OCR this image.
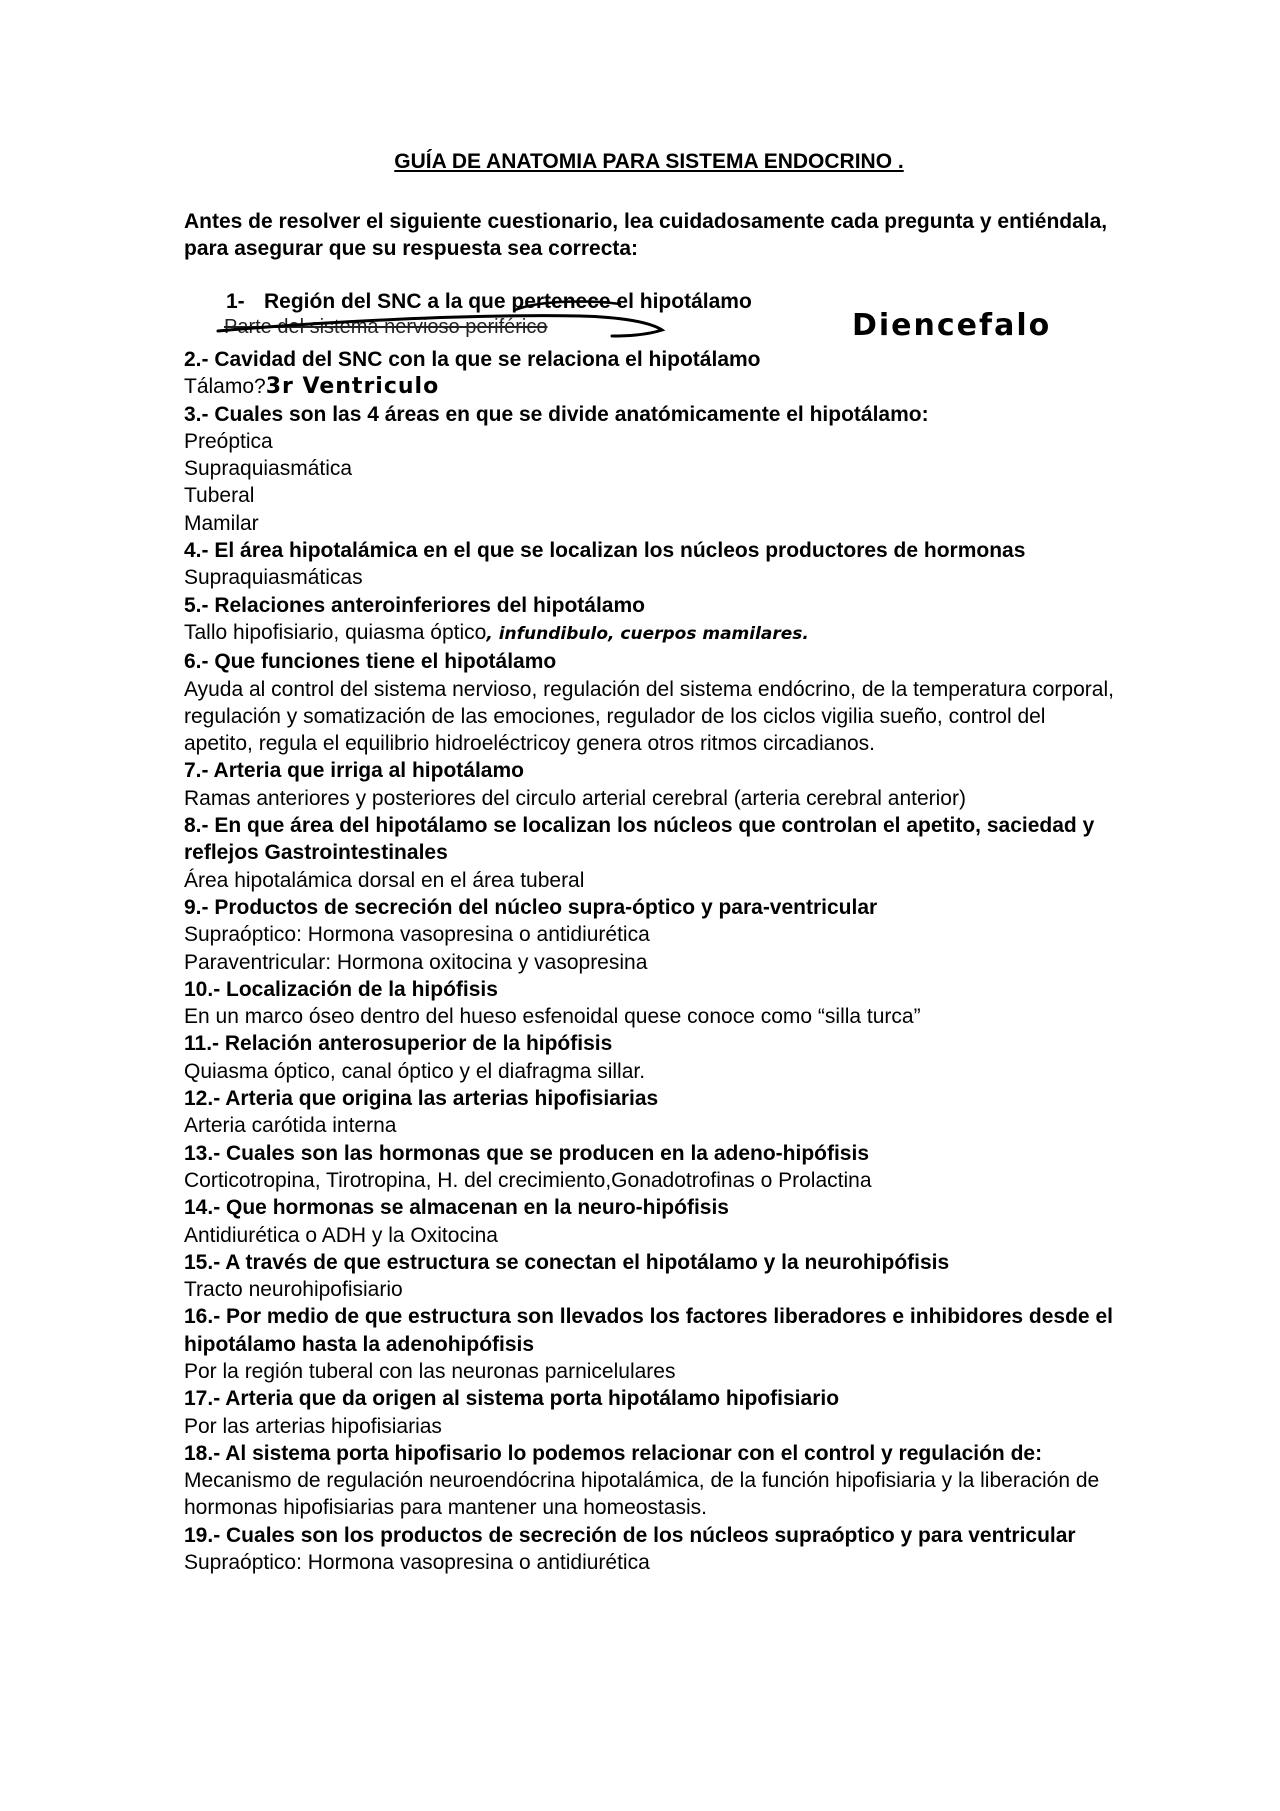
GUÍA DE ANATOMIA PARA SISTEMA ENDOCRINO .
Antes de resolver el siguiente cuestionario, lea cuidadosamente cada pregunta y entiéndala, para asegurar que su respuesta sea correcta:
1- Región del SNC a la que pertenece el hipotálamo
Parte del sistema nervioso periférico	Diencefalo
2.- Cavidad del SNC con la que se relaciona el hipotálamo
Tálamo?3r Ventriculo
3.- Cuales son las 4 áreas en que se divide anatómicamente el hipotálamo:
Preóptica
Supraquiasmática
Tuberal
Mamilar
4.- El área hipotalámica en el que se localizan los núcleos productores de hormonas
Supraquiasmáticas
5.- Relaciones anteroinferiores del hipotálamo
Tallo hipofisiario, quiasma óptico, infundibulo, cuerpos mamilares.
6.- Que funciones tiene el hipotálamo
Ayuda al control del sistema nervioso, regulación del sistema endócrino, de la temperatura corporal, regulación y somatización de las emociones, regulador de los ciclos vigilia sueño, control del apetito, regula el equilibrio hidroeléctricoy genera otros ritmos circadianos.
7.- Arteria que irriga al hipotálamo
Ramas anteriores y posteriores del circulo arterial cerebral (arteria cerebral anterior)
8.- En que área del hipotálamo se localizan los núcleos que controlan el apetito, saciedad y reflejos Gastrointestinales
Área hipotalámica dorsal en el área tuberal
9.- Productos de secreción del núcleo supra-óptico y para-ventricular
Supraóptico: Hormona vasopresina o antidiurética
Paraventricular: Hormona oxitocina y vasopresina
10.- Localización de la hipófisis
En un marco óseo dentro del hueso esfenoidal quese conoce como “silla turca”
11.- Relación anterosuperior de la hipófisis
Quiasma óptico, canal óptico y el diafragma sillar.
12.- Arteria que origina las arterias hipofisiarias
Arteria carótida interna
13.- Cuales son las hormonas que se producen en la adeno-hipófisis
Corticotropina, Tirotropina, H. del crecimiento,Gonadotrofinas o Prolactina
14.- Que hormonas se almacenan en la neuro-hipófisis
Antidiurética o ADH y la Oxitocina
15.- A través de que estructura se conectan el hipotálamo y la neurohipófisis
Tracto neurohipofisiario
16.- Por medio de que estructura son llevados los factores liberadores e inhibidores desde el hipotálamo hasta la adenohipófisis
Por la región tuberal con las neuronas parnicelulares
17.- Arteria que da origen al sistema porta hipotálamo hipofisiario
Por las arterias hipofisiarias
18.- Al sistema porta hipofisario lo podemos relacionar con el control y regulación de: Mecanismo de regulación neuroendócrina hipotalámica, de la función hipofisiaria y la liberación de hormonas hipofisiarias para mantener una homeostasis.
19.- Cuales son los productos de secreción de los núcleos supraóptico y para ventricular
Supraóptico: Hormona vasopresina o antidiurética
